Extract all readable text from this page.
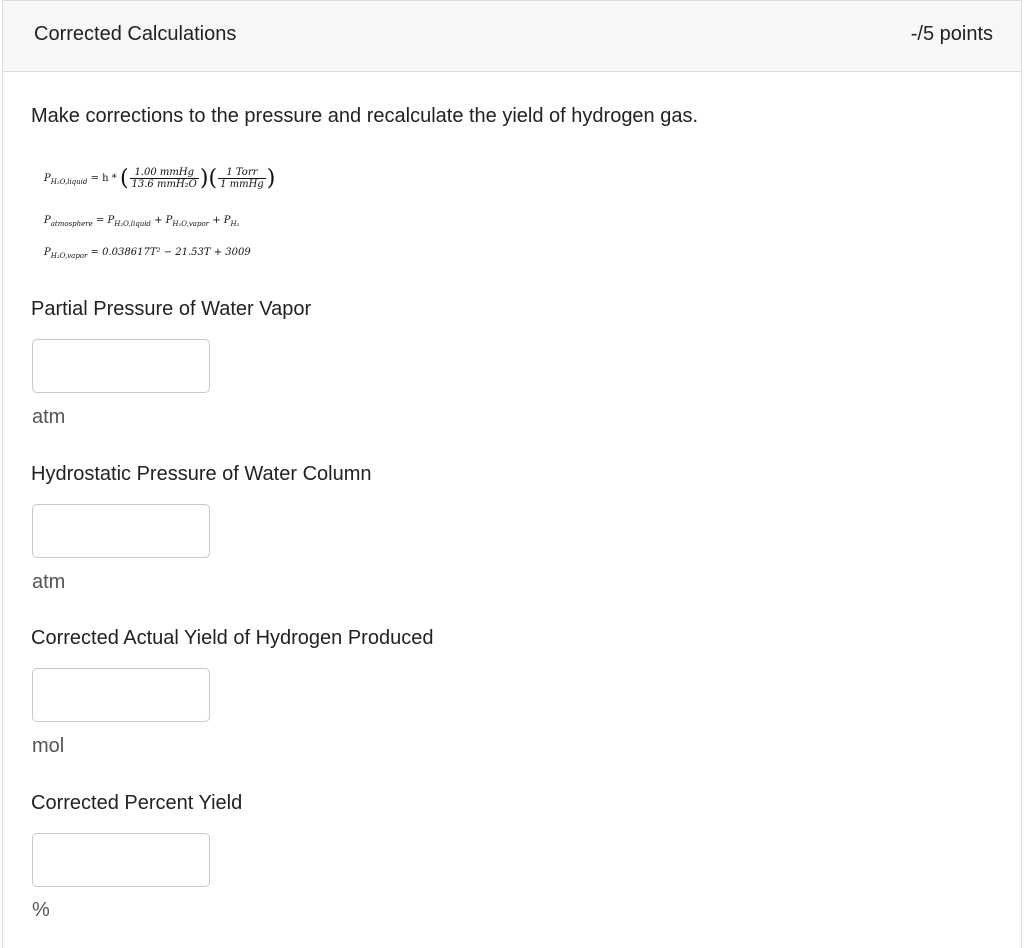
Corrected Calculations	-/5 points
Make corrections to the pressure and recalculate the yield of hydrogen gas.
$P_{H_2O,liquid} = h$ * ( $\frac{\text{1.00 mmHg}}{\text{13.6 mmH₂O}}$ )( $\frac{\text{1 Torr}}{\text{1 mmHg}}$ )
$P_{atmosphere} = P_{H_2O,liquid} + P_{H_2O,vapor} + P_{H_2}$
$P_{H_2O,vapor} = 0.038617T^2 - 21.53T + 3009$
Partial Pressure of Water Vapor
atm
Hydrostatic Pressure of Water Column
atm
Corrected Actual Yield of Hydrogen Produced
mol
Corrected Percent Yield
%
